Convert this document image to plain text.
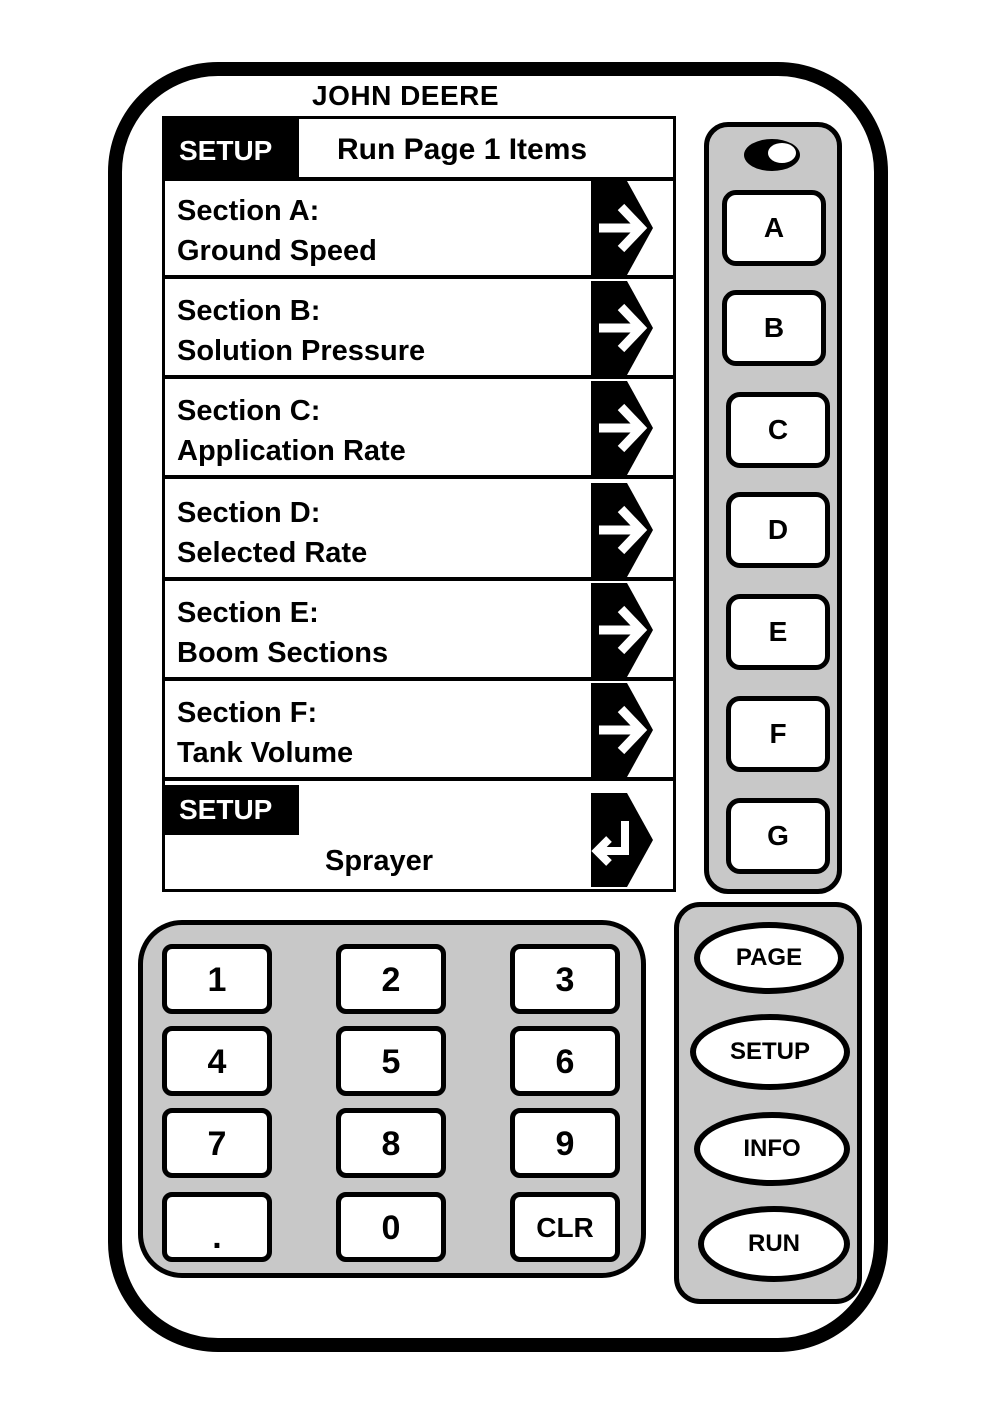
JOHN DEERE
SETUP	Run Page 1 Items
Section A:
Ground Speed
Section B:
Solution Pressure
Section C:
Application Rate
Section D:
Selected Rate
Section E:
Boom Sections
Section F:
Tank Volume
SETUP
Sprayer
A
B
C
D
E
F
G
1	2	3
4	5	6
7	8	9
.	0	CLR
PAGE
SETUP
INFO
RUN
